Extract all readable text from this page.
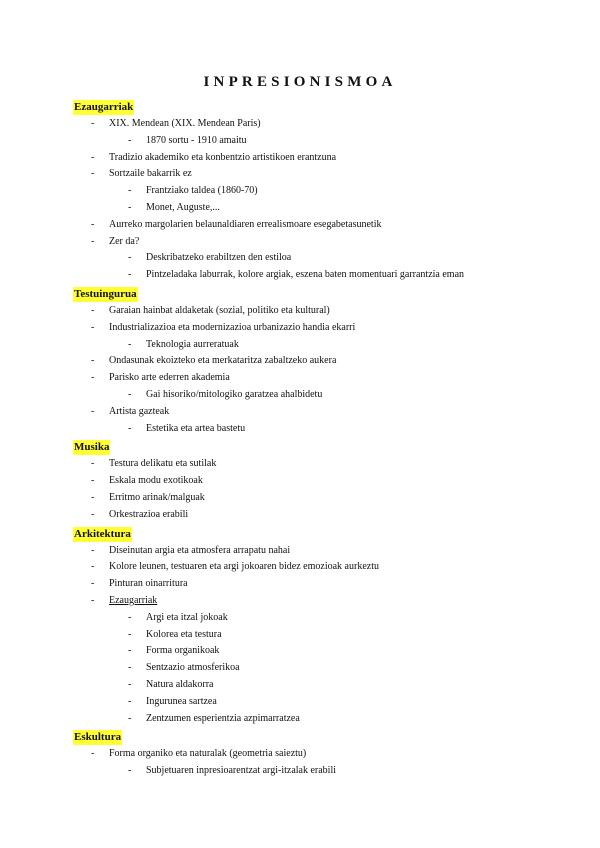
INPRESIONISMOA
Ezaugarriak
- XIX. Mendean (XIX. Mendean Paris)
- 1870 sortu - 1910 amaitu
- Tradizio akademiko eta konbentzio artistikoen erantzuna
- Sortzaile bakarrik ez
- Frantziako taldea (1860-70)
- Monet, Auguste,...
- Aurreko margolarien belaunaldiaren errealismoare esegabetasunetik
- Zer da?
- Deskribatzeko erabiltzen den estiloa
- Pintzeladaka laburrak, kolore argiak, eszena baten momentuari garrantzia eman
Testuingurua
- Garaian hainbat aldaketak (sozial, politiko eta kultural)
- Industrializazioa eta modernizazioa urbanizazio handia ekarri
- Teknologia aurreratuak
- Ondasunak ekoizteko eta merkataritza zabaltzeko aukera
- Parisko arte ederren akademia
- Gai hisoriko/mitologiko garatzea ahalbidetu
- Artista gazteak
- Estetika eta artea bastetu
Musika
- Testura delikatu eta sutilak
- Eskala modu exotikoak
- Erritmo arinak/malguak
- Orkestrazioa erabili
Arkitektura
- Diseinutan argia eta atmosfera arrapatu nahai
- Kolore leunen, testuaren eta argi jokoaren bidez emozioak aurkeztu
- Pinturan oinarritura
- Ezaugarriak
- Argi eta itzal jokoak
- Kolorea eta testura
- Forma organikoak
- Sentzazio atmosferikoa
- Natura aldakorra
- Ingurunea sartzea
- Zentzumen esperientzia azpimarratzea
Eskultura
- Forma organiko eta naturalak (geometria saieztu)
- Subjetuaren inpresioarentzat argi-itzalak erabili
